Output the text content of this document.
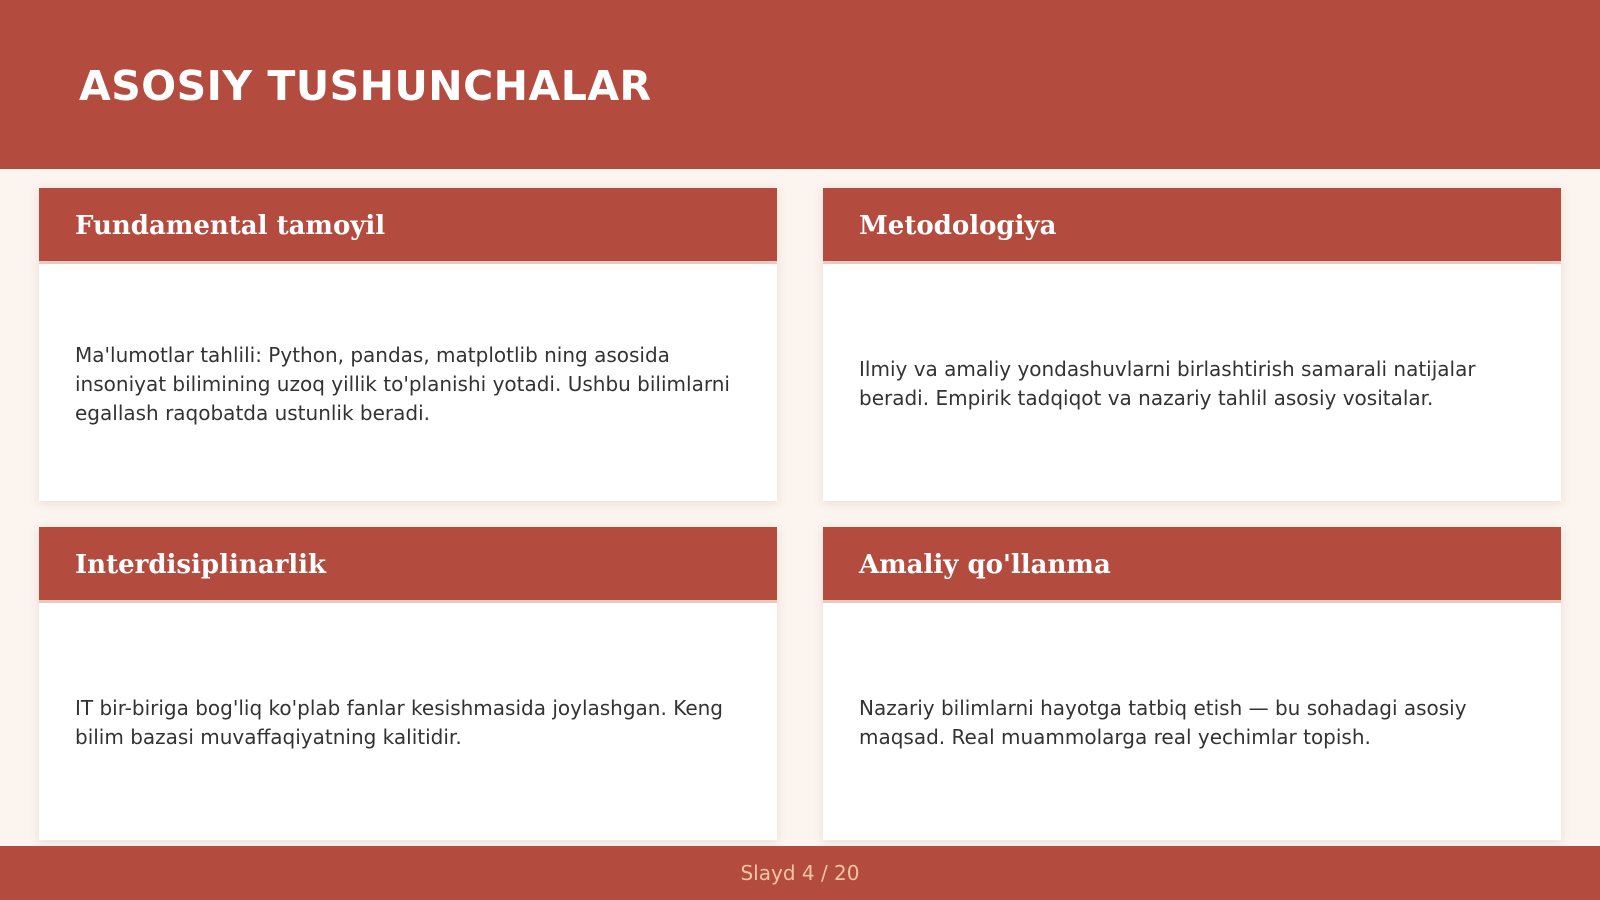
ASOSIY TUSHUNCHALAR
Fundamental tamoyil

Ma'lumotlar tahlili: Python, pandas, matplotlib ning asosida insoniyat bilimining uzoq yillik to'planishi yotadi. Ushbu bilimlarni egallash raqobatda ustunlik beradi.

Metodologiya

Ilmiy va amaliy yondashuvlarni birlashtirish samarali natijalar beradi. Empirik tadqiqot va nazariy tahlil asosiy vositalar.

Interdisiplinarlik

IT bir-biriga bog'liq ko'plab fanlar kesishmasida joylashgan. Keng bilim bazasi muvaffaqiyatning kalitidir.

Amaliy qo'llanma

Nazariy bilimlarni hayotga tatbiq etish — bu sohadagi asosiy maqsad. Real muammolarga real yechimlar topish.

Slayd 4 / 20
